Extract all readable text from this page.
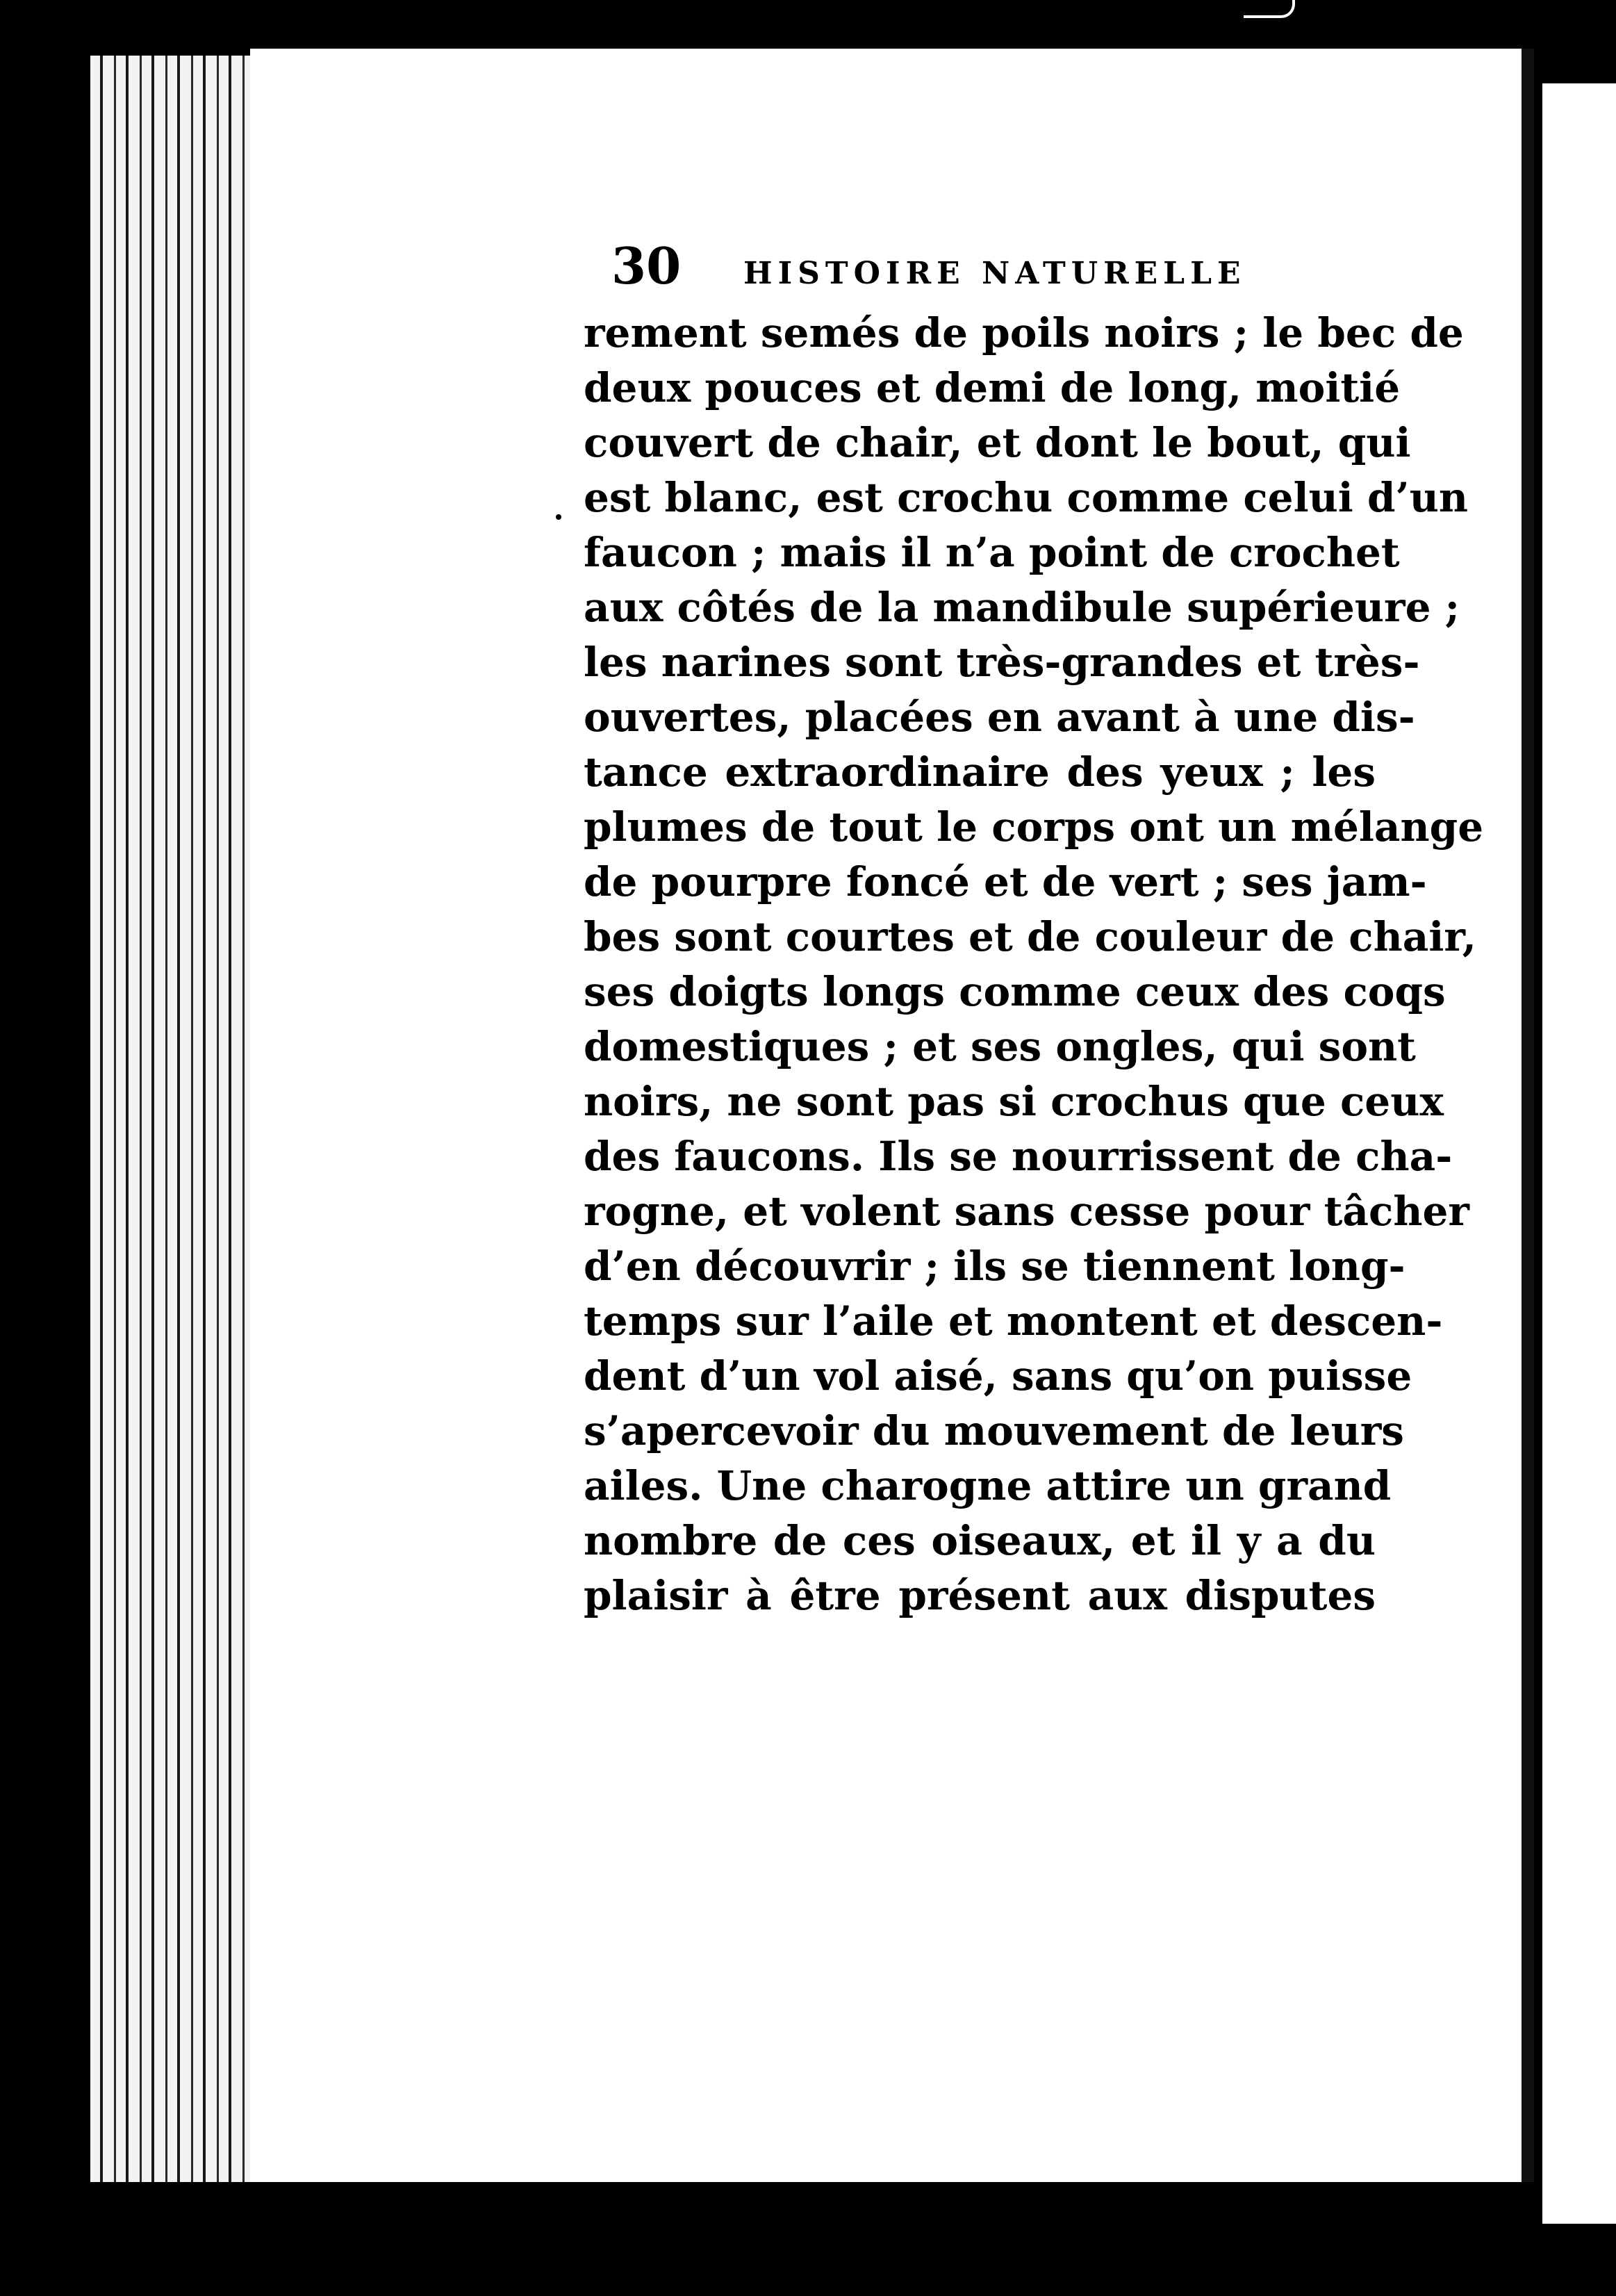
30	HISTOIRE NATURELLE
rement semés de poils noirs ; le bec de
deux pouces et demi de long, moitié
couvert de chair, et dont le bout, qui
est blanc, est crochu comme celui d’un
faucon ; mais il n’a point de crochet
aux côtés de la mandibule supérieure ;
les narines sont très-grandes et très-
ouvertes, placées en avant à une dis-
tance extraordinaire des yeux ; les
plumes de tout le corps ont un mélange
de pourpre foncé et de vert ; ses jam-
bes sont courtes et de couleur de chair,
ses doigts longs comme ceux des coqs
domestiques ; et ses ongles, qui sont
noirs, ne sont pas si crochus que ceux
des faucons. Ils se nourrissent de cha-
rogne, et volent sans cesse pour tâcher
d’en découvrir ; ils se tiennent long-
temps sur l’aile et montent et descen-
dent d’un vol aisé, sans qu’on puisse
s’apercevoir du mouvement de leurs
ailes. Une charogne attire un grand
nombre de ces oiseaux, et il y a du
plaisir à être présent aux disputes
